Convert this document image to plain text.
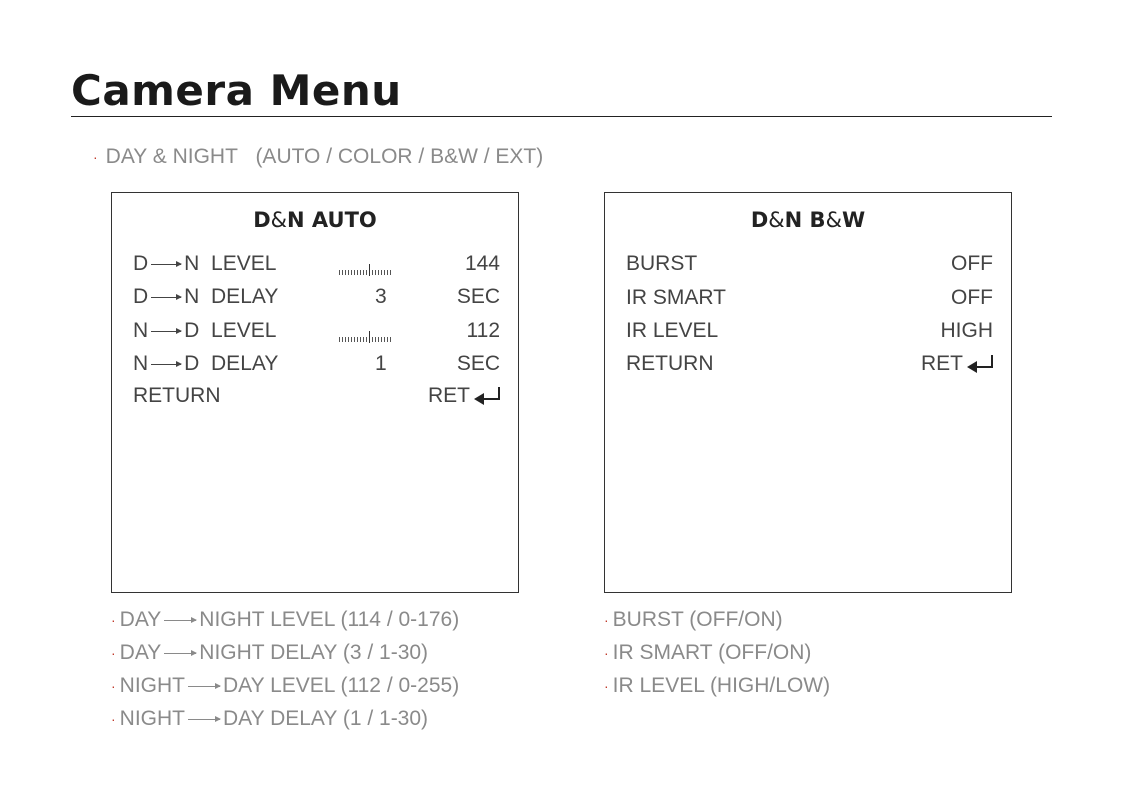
Camera Menu
· DAY & NIGHT (AUTO / COLOR / B&W / EXT)
D&N AUTO
D N LEVEL	144
D N DELAY	3	SEC
N D LEVEL	112
N D DELAY	1	SEC
RETURN	RET
D&N B&W
BURST	OFF
IR SMART	OFF
IR LEVEL	HIGH
RETURN	RET
· DAY NIGHT LEVEL (114 / 0-176)
· DAY NIGHT DELAY (3 / 1-30)
· NIGHT DAY LEVEL (112 / 0-255)
· NIGHT DAY DELAY (1 / 1-30)
· BURST (OFF/ON)
· IR SMART (OFF/ON)
· IR LEVEL (HIGH/LOW)
